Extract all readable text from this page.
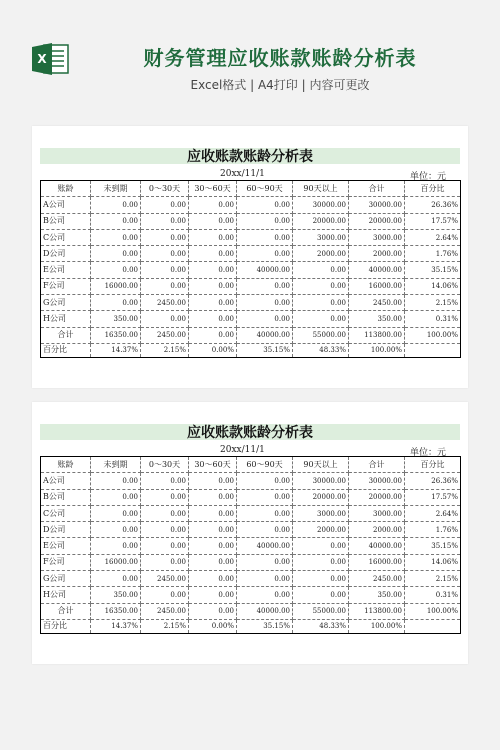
X	财务管理应收账款账龄分析表
Excel格式 | A4打印 | 内容可更改
应收账款账龄分析表
20xx/11/1	单位：元
账龄	未到期	0～30天	30～60天	60～90天	90天以上	合计	百分比
A公司	0.00	0.00	0.00	0.00	30000.00	30000.00	26.36%
B公司	0.00	0.00	0.00	0.00	20000.00	20000.00	17.57%
C公司	0.00	0.00	0.00	0.00	3000.00	3000.00	2.64%
D公司	0.00	0.00	0.00	0.00	2000.00	2000.00	1.76%
E公司	0.00	0.00	0.00	40000.00	0.00	40000.00	35.15%
F公司	16000.00	0.00	0.00	0.00	0.00	16000.00	14.06%
G公司	0.00	2450.00	0.00	0.00	0.00	2450.00	2.15%
H公司	350.00	0.00	0.00	0.00	0.00	350.00	0.31%
合计	16350.00	2450.00	0.00	40000.00	55000.00	113800.00	100.00%
百分比	14.37%	2.15%	0.00%	35.15%	48.33%	100.00%	
应收账款账龄分析表
20xx/11/1	单位：元
账龄	未到期	0～30天	30～60天	60～90天	90天以上	合计	百分比
A公司	0.00	0.00	0.00	0.00	30000.00	30000.00	26.36%
B公司	0.00	0.00	0.00	0.00	20000.00	20000.00	17.57%
C公司	0.00	0.00	0.00	0.00	3000.00	3000.00	2.64%
D公司	0.00	0.00	0.00	0.00	2000.00	2000.00	1.76%
E公司	0.00	0.00	0.00	40000.00	0.00	40000.00	35.15%
F公司	16000.00	0.00	0.00	0.00	0.00	16000.00	14.06%
G公司	0.00	2450.00	0.00	0.00	0.00	2450.00	2.15%
H公司	350.00	0.00	0.00	0.00	0.00	350.00	0.31%
合计	16350.00	2450.00	0.00	40000.00	55000.00	113800.00	100.00%
百分比	14.37%	2.15%	0.00%	35.15%	48.33%	100.00%	
